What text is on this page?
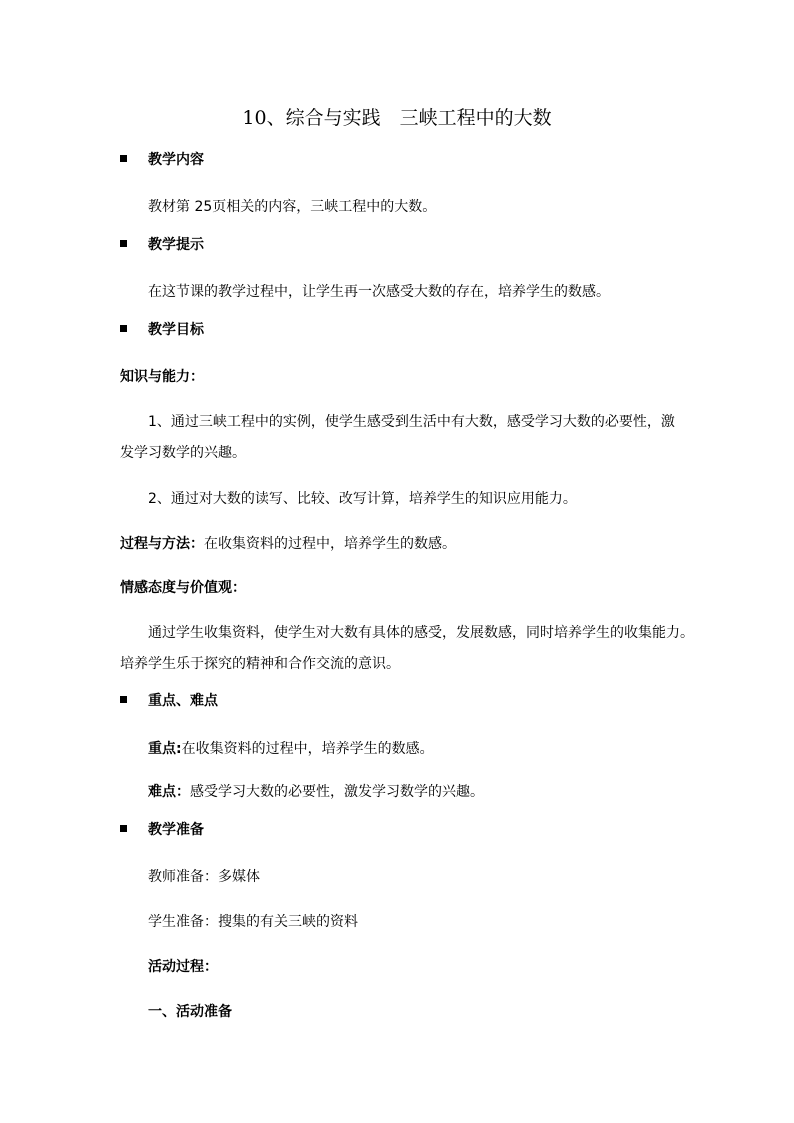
10、综合与实践　三峡工程中的大数
教学内容
教材第 25页相关的内容，三峡工程中的大数。
教学提示
在这节课的教学过程中，让学生再一次感受大数的存在，培养学生的数感。
教学目标
知识与能力：
1、通过三峡工程中的实例，使学生感受到生活中有大数，感受学习大数的必要性，激
发学习数学的兴趣。
2、通过对大数的读写、比较、改写计算，培养学生的知识应用能力。
过程与方法：在收集资料的过程中，培养学生的数感。
情感态度与价值观：
通过学生收集资料，使学生对大数有具体的感受，发展数感，同时培养学生的收集能力。
培养学生乐于探究的精神和合作交流的意识。
重点、难点
重点:在收集资料的过程中，培养学生的数感。
难点：感受学习大数的必要性，激发学习数学的兴趣。
教学准备
教师准备：多媒体
学生准备：搜集的有关三峡的资料
活动过程：
一、活动准备
